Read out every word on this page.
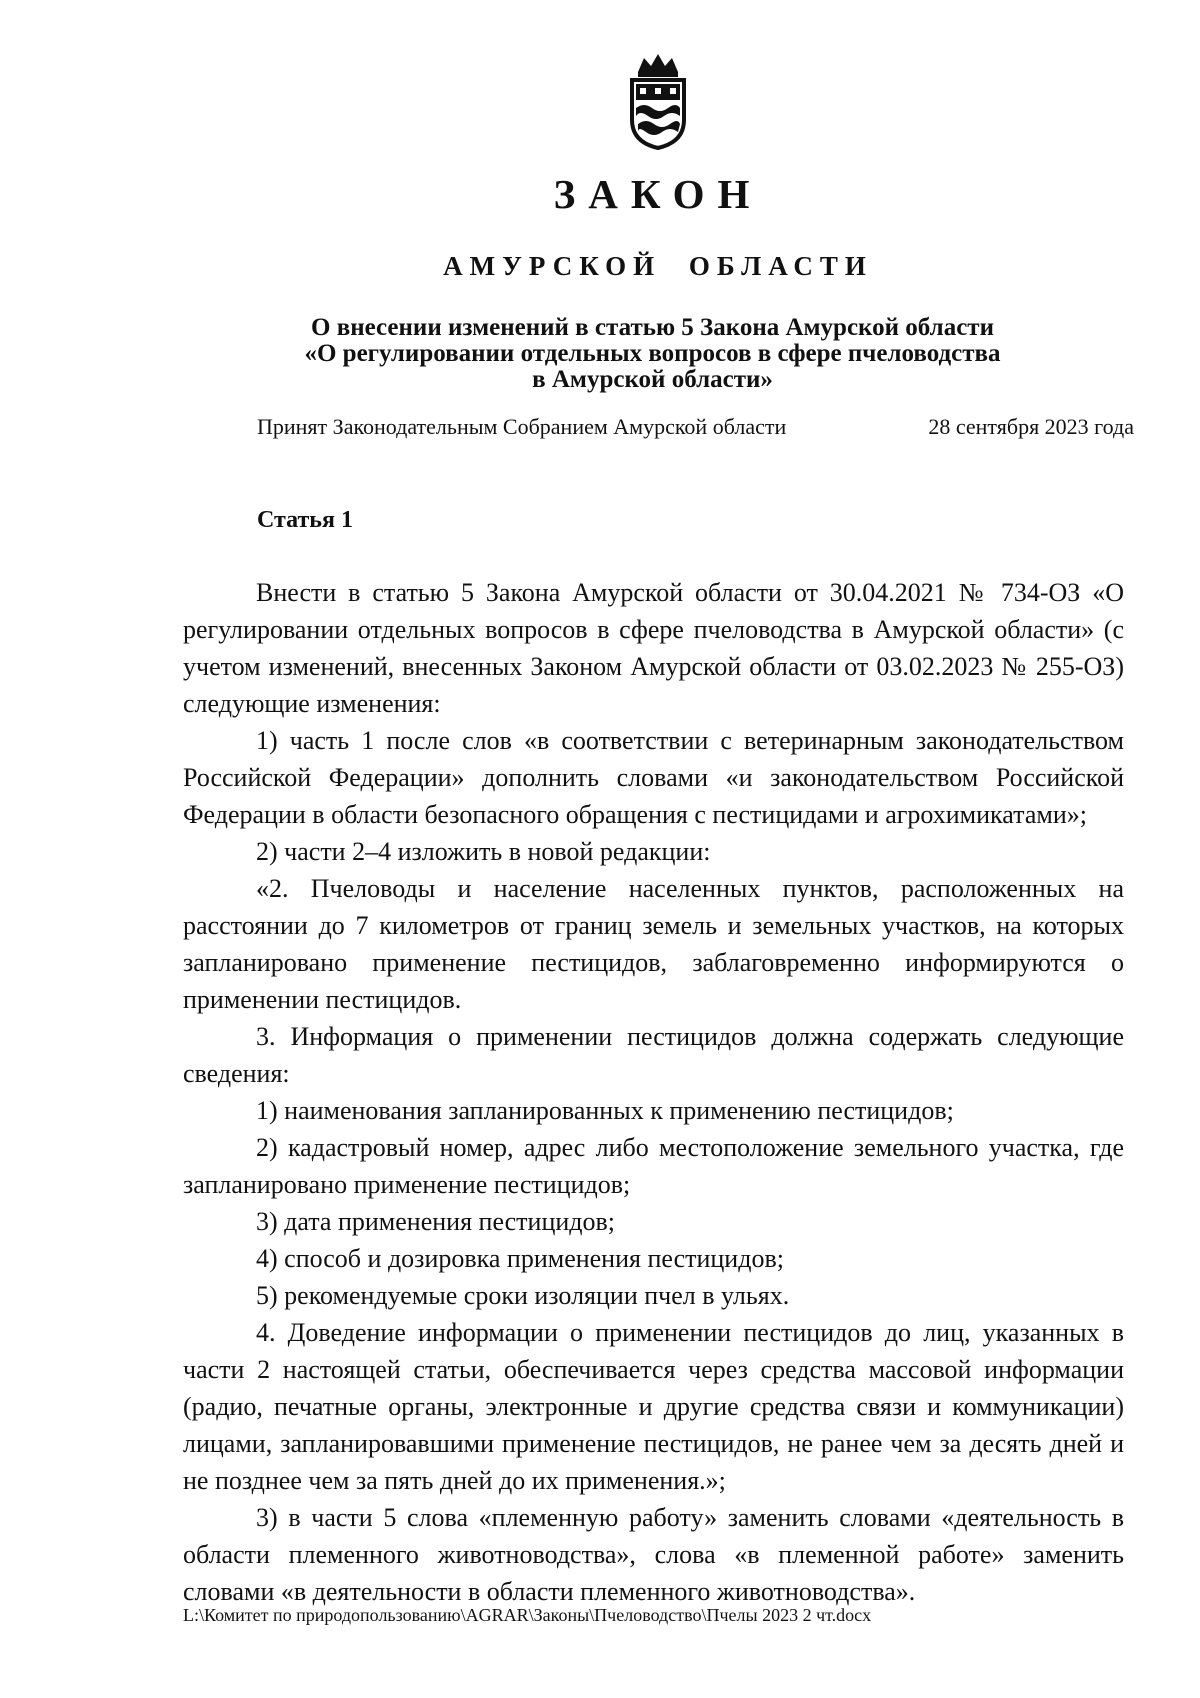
ЗАКОН
АМУРСКОЙ ОБЛАСТИ
О внесении изменений в статью 5 Закона Амурской области
«О регулировании отдельных вопросов в сфере пчеловодства
в Амурской области»
Принят Законодательным Собранием Амурской области	28 сентября 2023 года
Статья 1

Внести в статью 5 Закона Амурской области от 30.04.2021 № 734-ОЗ «О регулировании отдельных вопросов в сфере пчеловодства в Амурской области» (с учетом изменений, внесенных Законом Амурской области от 03.02.2023 № 255-ОЗ) следующие изменения:

1) часть 1 после слов «в соответствии с ветеринарным законодательством Российской Федерации» дополнить словами «и законодательством Российской Федерации в области безопасного обращения с пестицидами и агрохимикатами»;

2) части 2–4 изложить в новой редакции:

«2. Пчеловоды и население населенных пунктов, расположенных на расстоянии до 7 километров от границ земель и земельных участков, на которых запланировано применение пестицидов, заблаговременно информируются о применении пестицидов.

3. Информация о применении пестицидов должна содержать следующие сведения:

1) наименования запланированных к применению пестицидов;

2) кадастровый номер, адрес либо местоположение земельного участка, где запланировано применение пестицидов;

3) дата применения пестицидов;

4) способ и дозировка применения пестицидов;

5) рекомендуемые сроки изоляции пчел в ульях.

4. Доведение информации о применении пестицидов до лиц, указанных в части 2 настоящей статьи, обеспечивается через средства массовой информации (радио, печатные органы, электронные и другие средства связи и коммуникации) лицами, запланировавшими применение пестицидов, не ранее чем за десять дней и не позднее чем за пять дней до их применения.»;

3) в части 5 слова «племенную работу» заменить словами «деятельность в области племенного животноводства», слова «в племенной работе» заменить словами «в деятельности в области племенного животноводства».

L:\Комитет по природопользованию\AGRAR\Законы\Пчеловодство\Пчелы 2023 2 чт.docx
